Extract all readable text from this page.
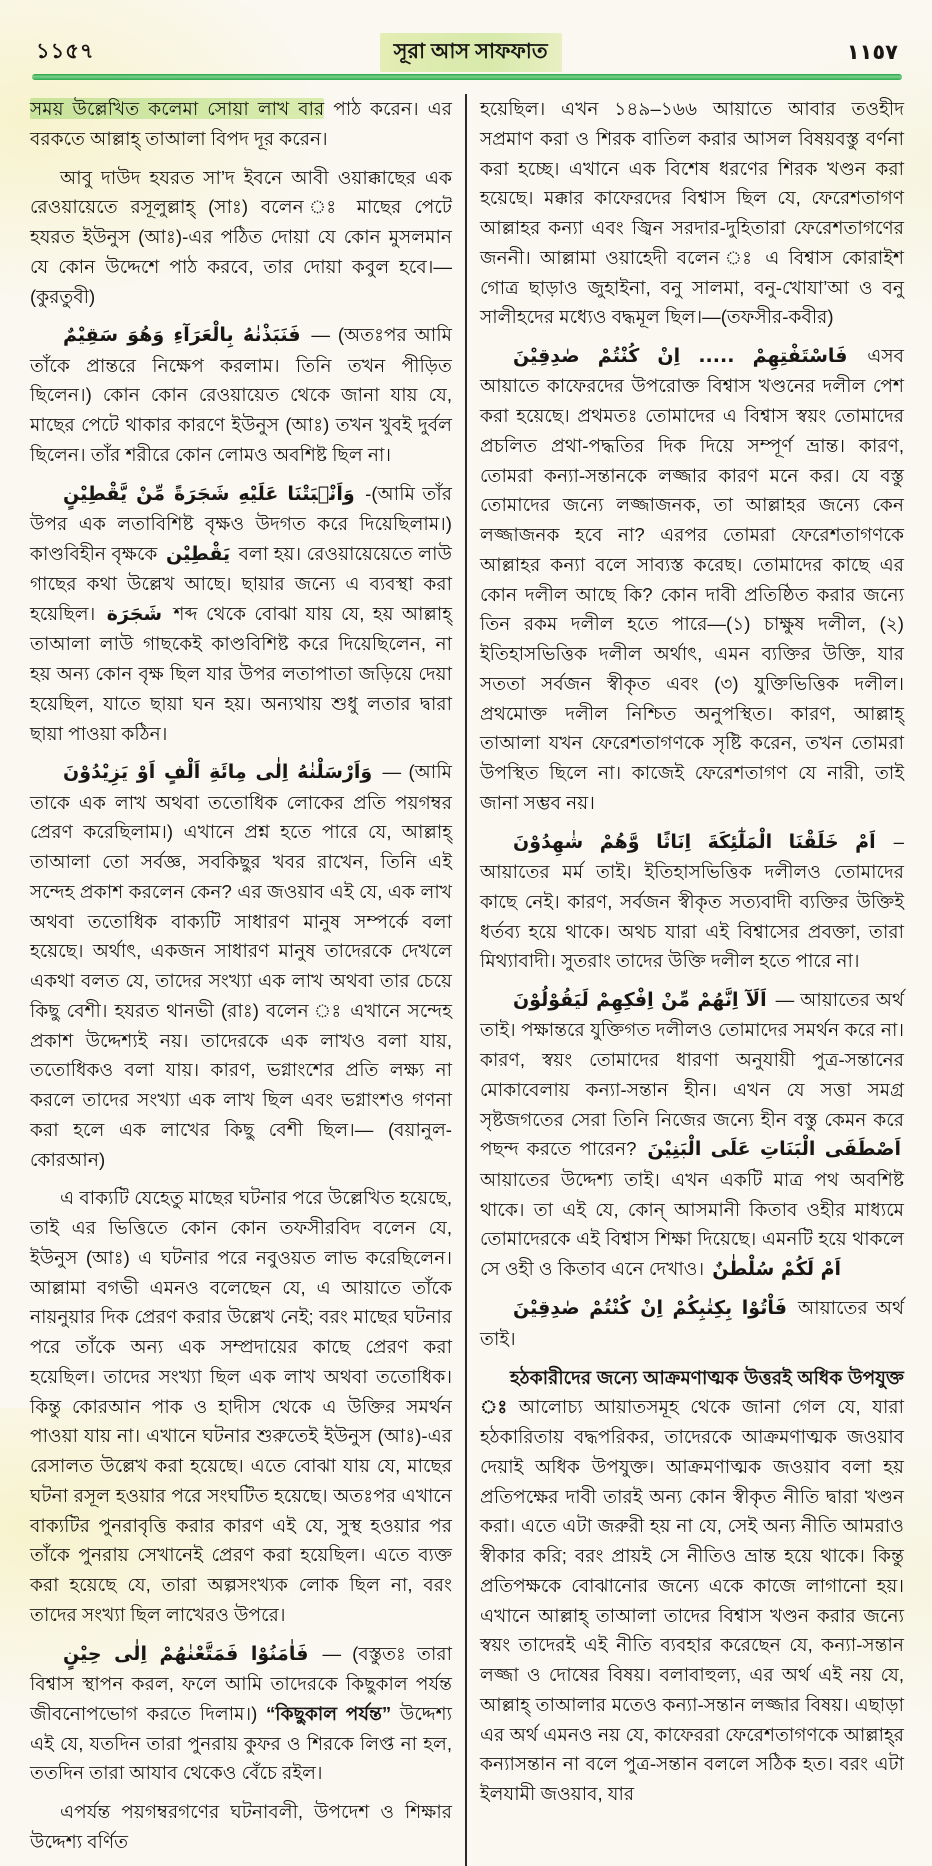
১১৫৭	সূরা আস সাফফাত	١١٥٧

সময় উল্লেখিত কলেমা সোয়া লাখ বার পাঠ করেন। এর বরকতে আল্লাহ্ তাআলা বিপদ দূর করেন।

আবু দাউদ হযরত সা’দ ইবনে আবী ওয়াক্কাছের এক রেওয়ায়েতে রসূলুল্লাহ্ (সাঃ) বলেন ঃ মাছের পেটে হযরত ইউনুস (আঃ)-এর পঠিত দোয়া যে কোন মুসলমান যে কোন উদ্দেশে পাঠ করবে, তার দোয়া কবুল হবে।—(কুরতুবী)

فَنَبَذْنٰهُ بِالْعَرَآءِ وَهُوَ سَقِيْمٌ — (অতঃপর আমি তাঁকে প্রান্তরে নিক্ষেপ করলাম। তিনি তখন পীড়িত ছিলেন।) কোন কোন রেওয়ায়েত থেকে জানা যায় যে, মাছের পেটে থাকার কারণে ইউনুস (আঃ) তখন খুবই দুর্বল ছিলেন। তাঁর শরীরে কোন লোমও অবশিষ্ট ছিল না।

وَاَنْۢبَتْنَا عَلَيْهِ شَجَرَةً مِّنْ يَّقْطِيْنٍ -(আমি তাঁর উপর এক লতাবিশিষ্ট বৃক্ষও উদগত করে দিয়েছিলাম।) কাণ্ডবিহীন বৃক্ষকে يَقْطِيْن বলা হয়। রেওয়ায়েয়েতে লাউ গাছের কথা উল্লেখ আছে। ছায়ার জন্যে এ ব্যবস্থা করা হয়েছিল। شَجَرَة শব্দ থেকে বোঝা যায় যে, হয় আল্লাহ্ তাআলা লাউ গাছকেই কাণ্ডবিশিষ্ট করে দিয়েছিলেন, না হয় অন্য কোন বৃক্ষ ছিল যার উপর লতাপাতা জড়িয়ে দেয়া হয়েছিল, যাতে ছায়া ঘন হয়। অন্যথায় শুধু লতার দ্বারা ছায়া পাওয়া কঠিন।

وَاَرْسَلْنٰهُ اِلٰى مِائَةِ اَلْفٍ اَوْ يَزِيْدُوْنَ — (আমি তাকে এক লাখ অথবা ততোধিক লোকের প্রতি পয়গম্বর প্রেরণ করেছিলাম।) এখানে প্রশ্ন হতে পারে যে, আল্লাহ্ তাআলা তো সর্বজ্ঞ, সবকিছুর খবর রাখেন, তিনি এই সন্দেহ প্রকাশ করলেন কেন? এর জওয়াব এই যে, এক লাখ অথবা ততোধিক বাক্যটি সাধারণ মানুষ সম্পর্কে বলা হয়েছে। অর্থাৎ, একজন সাধারণ মানুষ তাদেরকে দেখলে একথা বলত যে, তাদের সংখ্যা এক লাখ অথবা তার চেয়ে কিছু বেশী। হযরত থানভী (রাঃ) বলেন ঃ এখানে সন্দেহ প্রকাশ উদ্দেশ্যই নয়। তাদেরকে এক লাখও বলা যায়, ততোধিকও বলা যায়। কারণ, ভগ্নাংশের প্রতি লক্ষ্য না করলে তাদের সংখ্যা এক লাখ ছিল এবং ভগ্নাংশও গণনা করা হলে এক লাখের কিছু বেশী ছিল।— (বয়ানুল-কোরআন)

এ বাক্যটি যেহেতু মাছের ঘটনার পরে উল্লেখিত হয়েছে, তাই এর ভিত্তিতে কোন কোন তফসীরবিদ বলেন যে, ইউনুস (আঃ) এ ঘটনার পরে নবুওয়ত লাভ করেছিলেন। আল্লামা বগভী এমনও বলেছেন যে, এ আয়াতে তাঁকে নায়নুয়ার দিক প্রেরণ করার উল্লেখ নেই; বরং মাছের ঘটনার পরে তাঁকে অন্য এক সম্প্রদায়ের কাছে প্রেরণ করা হয়েছিল। তাদের সংখ্যা ছিল এক লাখ অথবা ততোধিক। কিন্তু কোরআন পাক ও হাদীস থেকে এ উক্তির সমর্থন পাওয়া যায় না। এখানে ঘটনার শুরুতেই ইউনুস (আঃ)-এর রেসালত উল্লেখ করা হয়েছে। এতে বোঝা যায় যে, মাছের ঘটনা রসূল হওয়ার পরে সংঘটিত হয়েছে। অতঃপর এখানে বাক্যটির পুনরাবৃত্তি করার কারণ এই যে, সুস্থ হওয়ার পর তাঁকে পুনরায় সেখানেই প্রেরণ করা হয়েছিল। এতে ব্যক্ত করা হয়েছে যে, তারা অল্পসংখ্যক লোক ছিল না, বরং তাদের সংখ্যা ছিল লাখেরও উপরে।

فَاٰمَنُوْا فَمَتَّعْنٰهُمْ اِلٰى حِيْنٍ — (বস্তুতঃ তারা বিশ্বাস স্থাপন করল, ফলে আমি তাদেরকে কিছুকাল পর্যন্ত জীবনোপভোগ করতে দিলাম।) “কিছুকাল পর্যন্ত” উদ্দেশ্য এই যে, যতদিন তারা পুনরায় কুফর ও শিরকে লিপ্ত না হল, ততদিন তারা আযাব থেকেও বেঁচে রইল।

এপর্যন্ত পয়গম্বরগণের ঘটনাবলী, উপদেশ ও শিক্ষার উদ্দেশ্য বর্ণিত

হয়েছিল। এখন ১৪৯–১৬৬ আয়াতে আবার তওহীদ সপ্রমাণ করা ও শিরক বাতিল করার আসল বিষয়বস্তু বর্ণনা করা হচ্ছে। এখানে এক বিশেষ ধরণের শিরক খণ্ডন করা হয়েছে। মক্কার কাফেরদের বিশ্বাস ছিল যে, ফেরেশতাগণ আল্লাহর কন্যা এবং জ্বিন সরদার-দুহিতারা ফেরেশতাগণের জননী। আল্লামা ওয়াহেদী বলেন ঃ এ বিশ্বাস কোরাইশ গোত্র ছাড়াও জুহাইনা, বনু সালমা, বনু-খোযা’আ ও বনু সালীহদের মধ্যেও বদ্ধমূল ছিল।—(তফসীর-কবীর)

فَاسْتَفْتِهِمْ ..... اِنْ كُنْتُمْ صٰدِقِيْنَ এসব আয়াতে কাফেরদের উপরোক্ত বিশ্বাস খণ্ডনের দলীল পেশ করা হয়েছে। প্রথমতঃ তোমাদের এ বিশ্বাস স্বয়ং তোমাদের প্রচলিত প্রথা-পদ্ধতির দিক দিয়ে সম্পূর্ণ ভ্রান্ত। কারণ, তোমরা কন্যা-সন্তানকে লজ্জার কারণ মনে কর। যে বস্তু তোমাদের জন্যে লজ্জাজনক, তা আল্লাহর জন্যে কেন লজ্জাজনক হবে না? এরপর তোমরা ফেরেশতাগণকে আল্লাহর কন্যা বলে সাব্যস্ত করেছ। তোমাদের কাছে এর কোন দলীল আছে কি? কোন দাবী প্রতিষ্ঠিত করার জন্যে তিন রকম দলীল হতে পারে—(১) চাক্ষুষ দলীল, (২) ইতিহাসভিত্তিক দলীল অর্থাৎ, এমন ব্যক্তির উক্তি, যার সততা সর্বজন স্বীকৃত এবং (৩) যুক্তিভিত্তিক দলীল। প্রথমোক্ত দলীল নিশ্চিত অনুপস্থিত। কারণ, আল্লাহ্ তাআলা যখন ফেরেশতাগণকে সৃষ্টি করেন, তখন তোমরা উপস্থিত ছিলে না। কাজেই ফেরেশতাগণ যে নারী, তাই জানা সম্ভব নয়।

اَمْ خَلَقْنَا الْمَلٰٓئِكَةَ اِنَاثًا وَّهُمْ شٰهِدُوْنَ – আয়াতের মর্ম তাই। ইতিহাসভিত্তিক দলীলও তোমাদের কাছে নেই। কারণ, সর্বজন স্বীকৃত সত্যবাদী ব্যক্তির উক্তিই ধর্তব্য হয়ে থাকে। অথচ যারা এই বিশ্বাসের প্রবক্তা, তারা মিথ্যাবাদী। সুতরাং তাদের উক্তি দলীল হতে পারে না।

اَلَآ اِنَّهُمْ مِّنْ اِفْكِهِمْ لَيَقُوْلُوْنَ — আয়াতের অর্থ তাই। পক্ষান্তরে যুক্তিগত দলীলও তোমাদের সমর্থন করে না। কারণ, স্বয়ং তোমাদের ধারণা অনুযায়ী পুত্র-সন্তানের মোকাবেলায় কন্যা-সন্তান হীন। এখন যে সত্তা সমগ্র সৃষ্টজগতের সেরা তিনি নিজের জন্যে হীন বস্তু কেমন করে পছন্দ করতে পারেন? اَصْطَفَى الْبَنَاتِ عَلَى الْبَنِيْنَ আয়াতের উদ্দেশ্য তাই। এখন একটি মাত্র পথ অবশিষ্ট থাকে। তা এই যে, কোন্ আসমানী কিতাব ওহীর মাধ্যমে তোমাদেরকে এই বিশ্বাস শিক্ষা দিয়েছে। এমনটি হয়ে থাকলে সে ওহী ও কিতাব এনে দেখাও। اَمْ لَكُمْ سُلْطٰنٌ

فَاْتُوْا بِكِتٰبِكُمْ اِنْ كُنْتُمْ صٰدِقِيْنَ আয়াতের অর্থ তাই।

হঠকারীদের জন্যে আক্রমণাত্মক উত্তরই অধিক উপযুক্ত ঃ আলোচ্য আয়াতসমূহ থেকে জানা গেল যে, যারা হঠকারিতায় বদ্ধপরিকর, তাদেরকে আক্রমণাত্মক জওয়াব দেয়াই অধিক উপযুক্ত। আক্রমণাত্মক জওয়াব বলা হয় প্রতিপক্ষের দাবী তারই অন্য কোন স্বীকৃত নীতি দ্বারা খণ্ডন করা। এতে এটা জরুরী হয় না যে, সেই অন্য নীতি আমরাও স্বীকার করি; বরং প্রায়ই সে নীতিও ভ্রান্ত হয়ে থাকে। কিন্তু প্রতিপক্ষকে বোঝানোর জন্যে একে কাজে লাগানো হয়। এখানে আল্লাহ্ তাআলা তাদের বিশ্বাস খণ্ডন করার জন্যে স্বয়ং তাদেরই এই নীতি ব্যবহার করেছেন যে, কন্যা-সন্তান লজ্জা ও দোষের বিষয়। বলাবাহুল্য, এর অর্থ এই নয় যে, আল্লাহ্ তাআলার মতেও কন্যা-সন্তান লজ্জার বিষয়। এছাড়া এর অর্থ এমনও নয় যে, কাফেররা ফেরেশতাগণকে আল্লাহ্‌র কন্যাসন্তান না বলে পুত্র-সন্তান বললে সঠিক হত। বরং এটা ইলযামী জওয়াব, যার
